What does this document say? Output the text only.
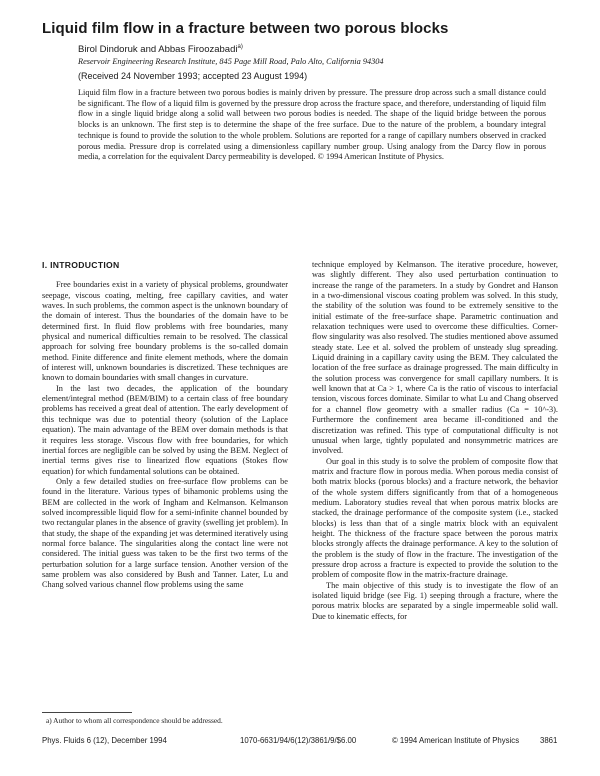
Liquid film flow in a fracture between two porous blocks
Birol Dindoruk and Abbas Firoozabadi$^{a)}$
Reservoir Engineering Research Institute, 845 Page Mill Road, Palo Alto, California 94304
(Received 24 November 1993; accepted 23 August 1994)
Liquid film flow in a fracture between two porous bodies is mainly driven by pressure. The pressure drop across such a small distance could be significant. The flow of a liquid film is governed by the pressure drop across the fracture space, and therefore, understanding of liquid film flow in a single liquid bridge along a solid wall between two porous bodies is needed. The shape of the liquid bridge between the porous blocks is an unknown. The first step is to determine the shape of the free surface. Due to the nature of the problem, a boundary integral technique is found to provide the solution to the whole problem. Solutions are reported for a range of capillary numbers observed in cracked porous media. Pressure drop is correlated using a dimensionless capillary number group. Using analogy from the Darcy flow in porous media, a correlation for the equivalent Darcy permeability is developed. © 1994 American Institute of Physics.
I. INTRODUCTION

Free boundaries exist in a variety of physical problems, groundwater seepage, viscous coating, melting, free capillary cavities, and water waves. In such problems, the common aspect is the unknown boundary of the domain of interest. Thus the boundaries of the domain have to be determined first. In fluid flow problems with free boundaries, many physical and numerical difficulties remain to be resolved. The classical approach for solving free boundary problems is the so-called domain method. Finite difference and finite element methods, where the domain of interest will, unknown boundaries is discretized. These techniques are known to domain boundaries with small changes in curvature.

In the last two decades, the application of the boundary element/integral method (BEM/BIM) to a certain class of free boundary problems has received a great deal of attention. The early development of this technique was due to potential theory (solution of the Laplace equation). The main advantage of the BEM over domain methods is that it requires less storage. Viscous flow with free boundaries, for which inertial forces are negligible can be solved by using the BEM. Neglect of inertial terms gives rise to linearized flow equations (Stokes flow equation) for which fundamental solutions can be obtained.

Only a few detailed studies on free-surface flow problems can be found in the literature. Various types of bihamonic problems using the BEM are collected in the work of Ingham and Kelmanson. Kelmanson solved incompressible liquid flow for a semi-infinite channel bounded by two rectangular planes in the absence of gravity (swelling jet problem). In that study, the shape of the expanding jet was determined iteratively using normal force balance. The singularities along the contact line were not considered. The initial guess was taken to be the first two terms of the perturbation solution for a large surface tension. Another version of the same problem was also considered by Bush and Tanner. Later, Lu and Chang solved various channel flow problems using the same

technique employed by Kelmanson. The iterative procedure, however, was slightly different. They also used perturbation continuation to increase the range of the parameters. In a study by Gondret and Hanson in a two-dimensional viscous coating problem was solved. In this study, the stability of the solution was found to be extremely sensitive to the initial estimate of the free-surface shape. Parametric continuation and relaxation techniques were used to overcome these difficulties. Corner-flow singularity was also resolved. The studies mentioned above assumed steady state. Lee et al. solved the problem of unsteady slug spreading. Liquid draining in a capillary cavity using the BEM. They calculated the location of the free surface as drainage progressed. The main difficulty in the solution process was convergence for small capillary numbers. It is well known that at Ca > 1, where Ca is the ratio of viscous to interfacial tension, viscous forces dominate. Similar to what Lu and Chang observed for a channel flow geometry with a smaller radius (Ca = 10^-3). Furthermore the confinement area became ill-conditioned and the discretization was refined. This type of computational difficulty is not unusual when large, tightly populated and nonsymmetric matrices are involved.

Our goal in this study is to solve the problem of composite flow that matrix and fracture flow in porous media. When porous media consist of both matrix blocks (porous blocks) and a fracture network, the behavior of the whole system differs significantly from that of a homogeneous medium. Laboratory studies reveal that when porous matrix blocks are stacked, the drainage performance of the composite system (i.e., stacked blocks) is less than that of a single matrix block with an equivalent height. The thickness of the fracture space between the porous matrix blocks strongly affects the drainage performance. A key to the solution of the problem is the study of flow in the fracture. The investigation of the pressure drop across a fracture is expected to provide the solution to the problem of composite flow in the matrix-fracture drainage.

The main objective of this study is to investigate the flow of an isolated liquid bridge (see Fig. 1) seeping through a fracture, where the porous matrix blocks are separated by a single impermeable solid wall. Due to kinematic effects, for

a) Author to whom all correspondence should be addressed.
Phys. Fluids 6 (12), December 1994	1070-6631/94/6(12)/3861/9/$6.00	© 1994 American Institute of Physics	3861
